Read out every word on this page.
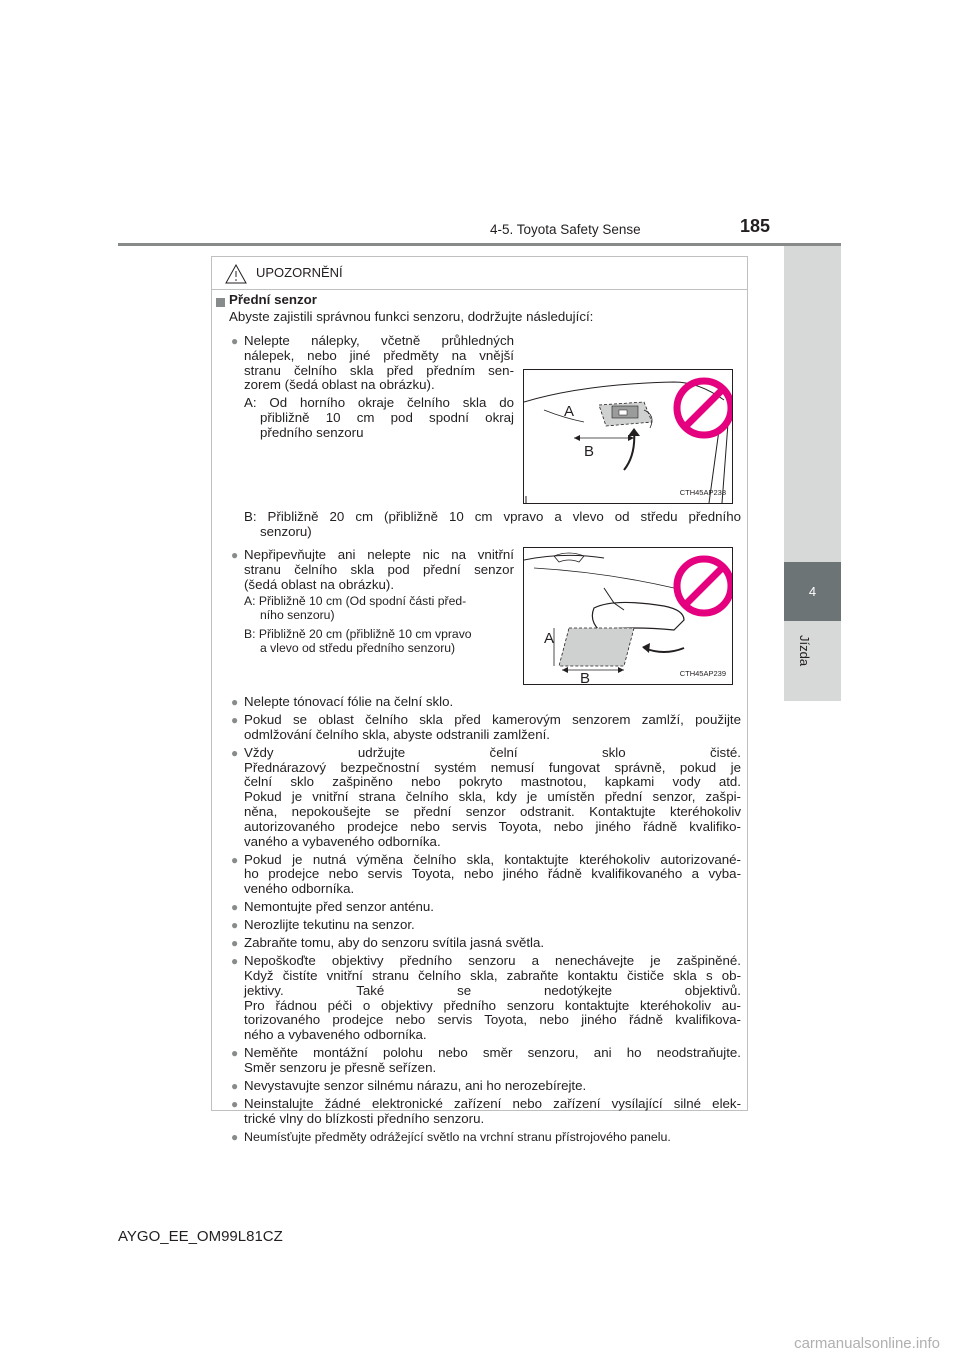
4-5. Toyota Safety Sense	185
4
Jízda
UPOZORNĚNÍ
Přední senzor
Abyste zajistili správnou funkci senzoru, dodržujte následující:
● Nelepte nálepky, včetně průhledných
nálepek, nebo jiné předměty na vnější
stranu čelního skla před předním sen-
zorem (šedá oblast na obrázku).
A: Od horního okraje čelního skla do
přibližně 10 cm pod spodní okraj
předního senzoru
A
B
CTH45AP238
B: Přibližně 20 cm (přibližně 10 cm vpravo a vlevo od středu předního
senzoru)
● Nepřipevňujte ani nelepte nic na vnitřní
stranu čelního skla pod přední senzor
(šedá oblast na obrázku).
A: Přibližně 10 cm (Od spodní části před-
ního senzoru)
B: Přibližně 20 cm (přibližně 10 cm vpravo
a vlevo od středu předního senzoru)
A
B	CTH45AP239
● Nelepte tónovací fólie na čelní sklo.
● Pokud se oblast čelního skla před kamerovým senzorem zamlží, použijte
odmlžování čelního skla, abyste odstranili zamlžení.
● Vždy udržujte čelní sklo čisté.
Přednárazový bezpečnostní systém nemusí fungovat správně, pokud je
čelní sklo zašpiněno nebo pokryto mastnotou, kapkami vody atd.
Pokud je vnitřní strana čelního skla, kdy je umístěn přední senzor, zašpi-
něna, nepokoušejte se přední senzor odstranit. Kontaktujte kteréhokoliv
autorizovaného prodejce nebo servis Toyota, nebo jiného řádně kvalifiko-
vaného a vybaveného odborníka.
● Pokud je nutná výměna čelního skla, kontaktujte kteréhokoliv autorizované-
ho prodejce nebo servis Toyota, nebo jiného řádně kvalifikovaného a vyba-
veného odborníka.
● Nemontujte před senzor anténu.
● Nerozlijte tekutinu na senzor.
● Zabraňte tomu, aby do senzoru svítila jasná světla.
● Nepoškoďte objektivy předního senzoru a nenechávejte je zašpiněné.
Když čistíte vnitřní stranu čelního skla, zabraňte kontaktu čističe skla s ob-
jektivy. Také se nedotýkejte objektivů.
Pro řádnou péči o objektivy předního senzoru kontaktujte kteréhokoliv au-
torizovaného prodejce nebo servis Toyota, nebo jiného řádně kvalifikova-
ného a vybaveného odborníka.
● Neměňte montážní polohu nebo směr senzoru, ani ho neodstraňujte.
Směr senzoru je přesně seřízen.
● Nevystavujte senzor silnému nárazu, ani ho nerozebírejte.
● Neinstalujte žádné elektronické zařízení nebo zařízení vysílající silné elek-
trické vlny do blízkosti předního senzoru.
● Neumísťujte předměty odrážející světlo na vrchní stranu přístrojového panelu.
AYGO_EE_OM99L81CZ
carmanualsonline.info
